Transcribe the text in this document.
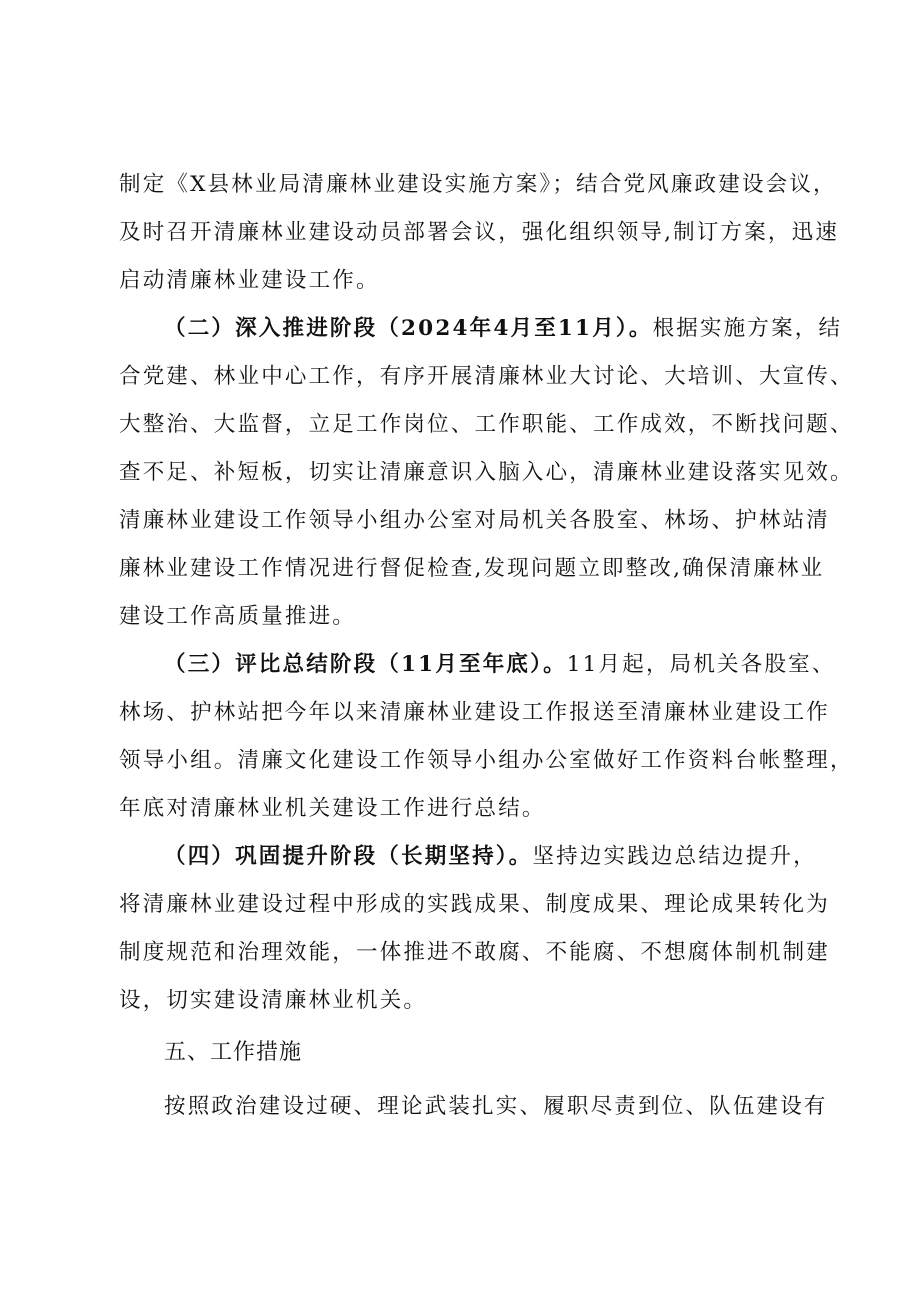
制定《X县林业局清廉林业建设实施方案》；结合党风廉政建设会议，
及时召开清廉林业建设动员部署会议，强化组织领导,制订方案，迅速
启动清廉林业建设工作。
（二）深入推进阶段（2024年4月至11月）。根据实施方案，结
合党建、林业中心工作，有序开展清廉林业大讨论、大培训、大宣传、
大整治、大监督，立足工作岗位、工作职能、工作成效，不断找问题、
查不足、补短板，切实让清廉意识入脑入心，清廉林业建设落实见效。
清廉林业建设工作领导小组办公室对局机关各股室、林场、护林站清
廉林业建设工作情况进行督促检查,发现问题立即整改,确保清廉林业
建设工作高质量推进。
（三）评比总结阶段（11月至年底）。11月起，局机关各股室、
林场、护林站把今年以来清廉林业建设工作报送至清廉林业建设工作
领导小组。清廉文化建设工作领导小组办公室做好工作资料台帐整理，
年底对清廉林业机关建设工作进行总结。
（四）巩固提升阶段（长期坚持）。坚持边实践边总结边提升，
将清廉林业建设过程中形成的实践成果、制度成果、理论成果转化为
制度规范和治理效能，一体推进不敢腐、不能腐、不想腐体制机制建
设，切实建设清廉林业机关。
五、工作措施
按照政治建设过硬、理论武装扎实、履职尽责到位、队伍建设有
